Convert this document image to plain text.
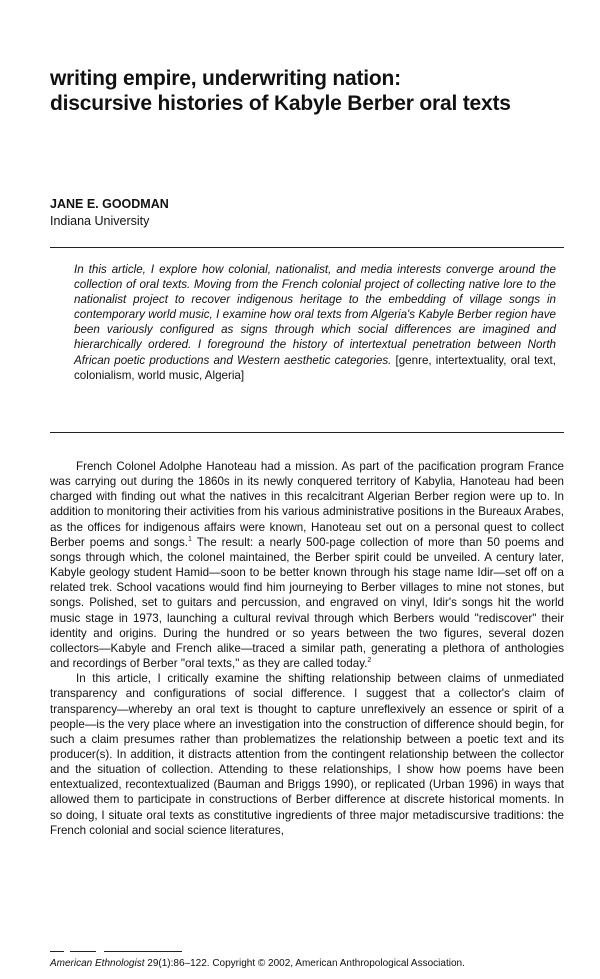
writing empire, underwriting nation:
discursive histories of Kabyle Berber oral texts
JANE E. GOODMAN
Indiana University
In this article, I explore how colonial, nationalist, and media interests converge around the collection of oral texts. Moving from the French colonial project of collecting native lore to the nationalist project to recover indigenous heritage to the embedding of village songs in contemporary world music, I examine how oral texts from Algeria's Kabyle Berber region have been variously configured as signs through which social differences are imagined and hierarchically ordered. I foreground the history of intertextual penetration between North African poetic productions and Western aesthetic categories. [genre, intertextuality, oral text, colonialism, world music, Algeria]

French Colonel Adolphe Hanoteau had a mission. As part of the pacification program France was carrying out during the 1860s in its newly conquered territory of Kabylia, Hanoteau had been charged with finding out what the natives in this recalcitrant Algerian Berber region were up to. In addition to monitoring their activities from his various administrative positions in the Bureaux Arabes, as the offices for indigenous affairs were known, Hanoteau set out on a personal quest to collect Berber poems and songs.$^1$ The result: a nearly 500-page collection of more than 50 poems and songs through which, the colonel maintained, the Berber spirit could be unveiled. A century later, Kabyle geology student Hamid—soon to be better known through his stage name Idir—set off on a related trek. School vacations would find him journeying to Berber villages to mine not stones, but songs. Polished, set to guitars and percussion, and engraved on vinyl, Idir's songs hit the world music stage in 1973, launching a cultural revival through which Berbers would "rediscover" their identity and origins. During the hundred or so years between the two figures, several dozen collectors—Kabyle and French alike—traced a similar path, generating a plethora of anthologies and recordings of Berber "oral texts," as they are called today.$^2$

In this article, I critically examine the shifting relationship between claims of unmediated transparency and configurations of social difference. I suggest that a collector's claim of transparency—whereby an oral text is thought to capture unreflexively an essence or spirit of a people—is the very place where an investigation into the construction of difference should begin, for such a claim presumes rather than problematizes the relationship between a poetic text and its producer(s). In addition, it distracts attention from the contingent relationship between the collector and the situation of collection. Attending to these relationships, I show how poems have been entextualized, recontextualized (Bauman and Briggs 1990), or replicated (Urban 1996) in ways that allowed them to participate in constructions of Berber difference at discrete historical moments. In so doing, I situate oral texts as constitutive ingredients of three major metadiscursive traditions: the French colonial and social science literatures,

American Ethnologist 29(1):86–122. Copyright © 2002, American Anthropological Association.
